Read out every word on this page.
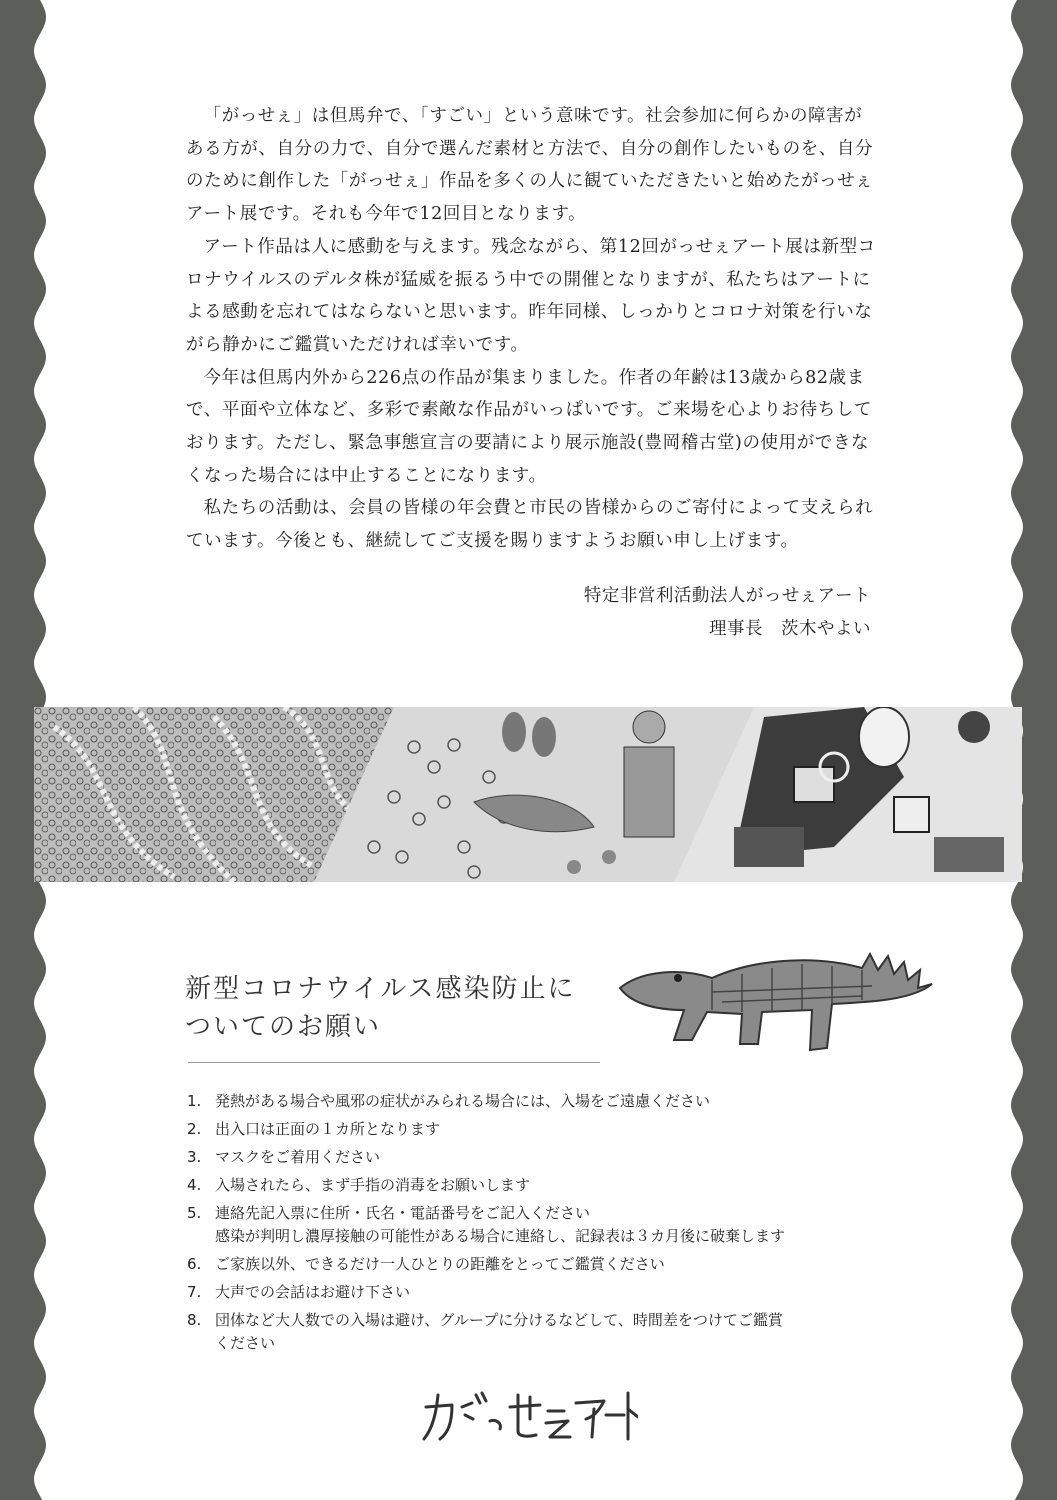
「がっせぇ」は但馬弁で、「すごい」という意味です。社会参加に何らかの障害がある方が、自分の力で、自分で選んだ素材と方法で、自分の創作したいものを、自分のために創作した「がっせぇ」作品を多くの人に観ていただきたいと始めたがっせぇアート展です。それも今年で12回目となります。

アート作品は人に感動を与えます。残念ながら、第12回がっせぇアート展は新型コロナウイルスのデルタ株が猛威を振るう中での開催となりますが、私たちはアートによる感動を忘れてはならないと思います。昨年同様、しっかりとコロナ対策を行いながら静かにご鑑賞いただければ幸いです。

今年は但馬内外から226点の作品が集まりました。作者の年齢は13歳から82歳まで、平面や立体など、多彩で素敵な作品がいっぱいです。ご来場を心よりお待ちしております。ただし、緊急事態宣言の要請により展示施設(豊岡稽古堂)の使用ができなくなった場合には中止することになります。

私たちの活動は、会員の皆様の年会費と市民の皆様からのご寄付によって支えられています。今後とも、継続してご支援を賜りますようお願い申し上げます。

特定非営利活動法人がっせぇアート
理事長　茨木やよい
新型コロナウイルス感染防止に
ついてのお願い
1. 発熱がある場合や風邪の症状がみられる場合には、入場をご遠慮ください
2. 出入口は正面の１カ所となります
3. マスクをご着用ください
4. 入場されたら、まず手指の消毒をお願いします
5. 連絡先記入票に住所・氏名・電話番号をご記入ください
感染が判明し濃厚接触の可能性がある場合に連絡し、記録表は３カ月後に破棄します
6. ご家族以外、できるだけ一人ひとりの距離をとってご鑑賞ください
7. 大声での会話はお避け下さい
8. 団体など大人数での入場は避け、グループに分けるなどして、時間差をつけてご鑑賞
ください
